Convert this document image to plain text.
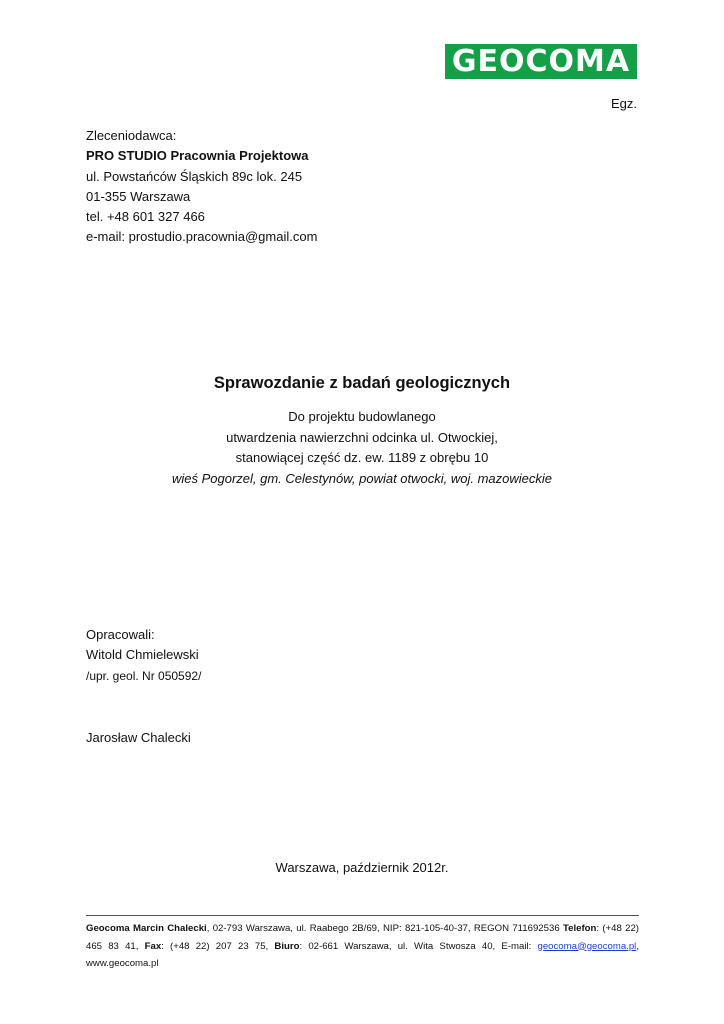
GEOCOMA
Egz.
Zleceniodawca:
PRO STUDIO Pracownia Projektowa
ul. Powstańców Śląskich 89c lok. 245
01-355 Warszawa
tel. +48 601 327 466
e-mail: prostudio.pracownia@gmail.com
Sprawozdanie z badań geologicznych
Do projektu budowlanego
utwardzenia nawierzchni odcinka ul. Otwockiej,
stanowiącej część dz. ew. 1189 z obrębu 10
wieś Pogorzel, gm. Celestynów, powiat otwocki, woj. mazowieckie
Opracowali:
Witold Chmielewski
/upr. geol. Nr 050592/
Jarosław Chalecki
Warszawa, październik 2012r.
Geocoma Marcin Chalecki, 02-793 Warszawa, ul. Raabego 2B/69, NIP: 821-105-40-37, REGON 711692536 Telefon: (+48 22) 465 83 41, Fax: (+48 22) 207 23 75, Biuro: 02-661 Warszawa, ul. Wita Stwosza 40, E-mail: geocoma@geocoma.pl, www.geocoma.pl
